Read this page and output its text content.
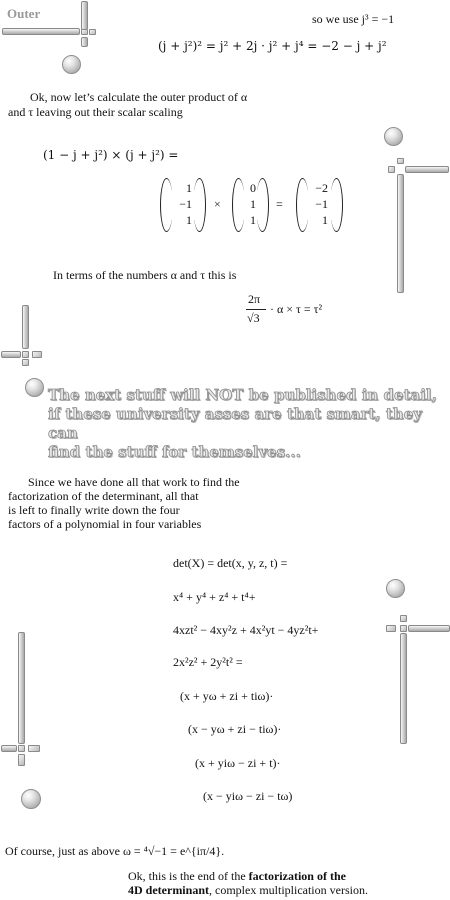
Outer	so we use j³ = −1
(j + j²)² = j² + 2j · j² + j⁴ = −2 − j + j²
Ok, now let’s calculate the outer product of α
and τ leaving out their scalar scaling
(1 − j + j²) × (j + j²) =
1
−1
1
×
0
1
1
=
−2
−1
1
In terms of the numbers α and τ this is
2π
√3
· α × τ = τ²
The next stuff will NOT be published in detail,
if these university asses are that smart, they can
find the stuff for themselves...
Since we have done all that work to find the
factorization of the determinant, all that
is left to finally write down the four
factors of a polynomial in four variables
det(X) = det(x, y, z, t) =
x⁴ + y⁴ + z⁴ + t⁴+
4xzt² − 4xy²z + 4x²yt − 4yz²t+
2x²z² + 2y²t² =
(x + yω + zi + tiω)·
(x − yω + zi − tiω)·
(x + yiω − zi + t)·
(x − yiω − zi − tω)
Of course, just as above ω = ⁴√−1 = e^{iπ/4}.
Ok, this is the end of the factorization of the
4D determinant, complex multiplication version.
